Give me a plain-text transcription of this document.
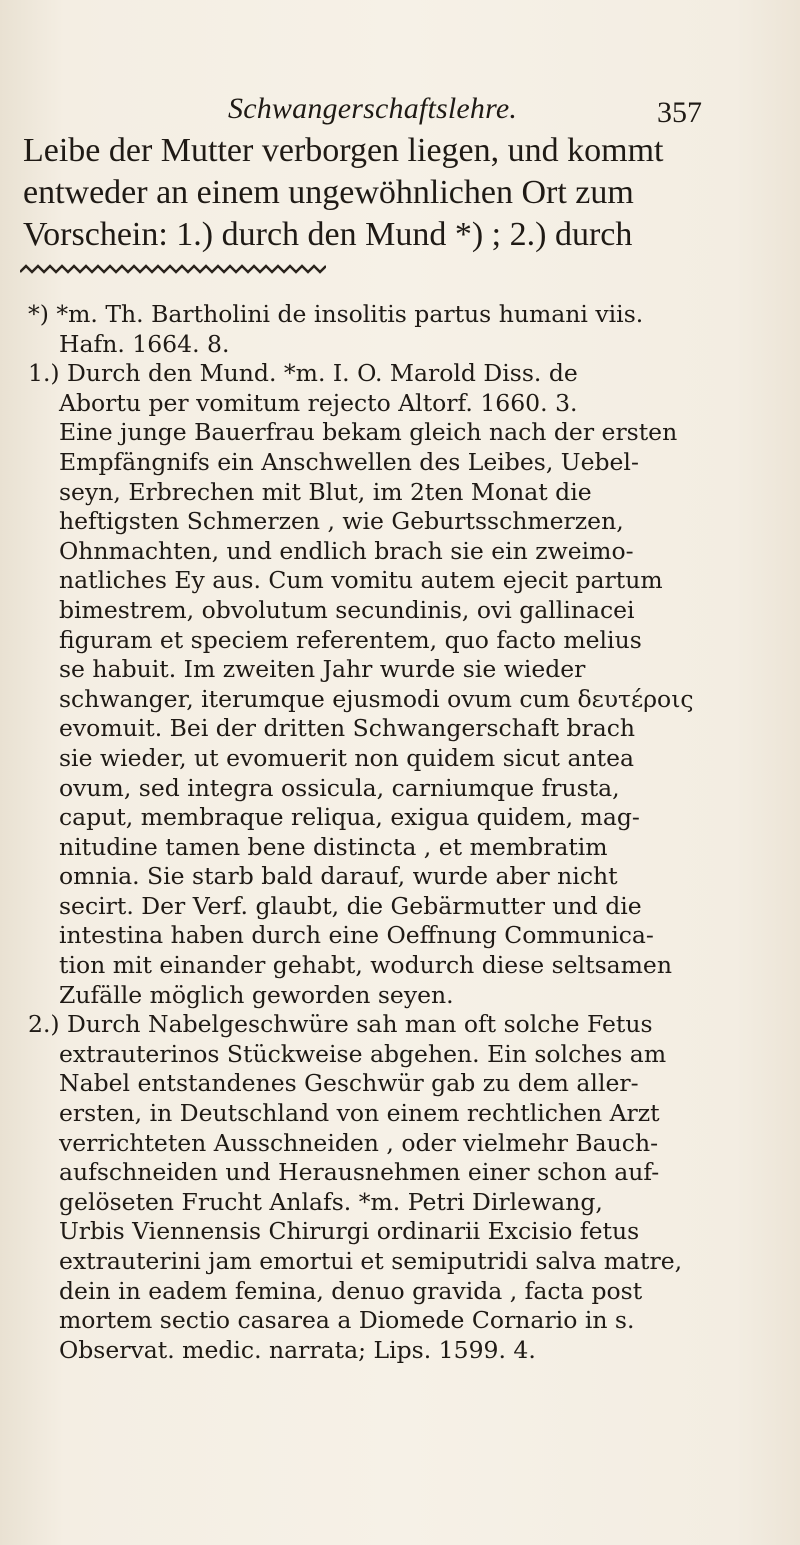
Schwangerschaftslehre.	357
Leibe der Mutter verborgen liegen, und kommt
entweder an einem ungewöhnlichen Ort zum
Vorschein: 1.) durch den Mund *) ; 2.) durch
*) *m. Th. Bartholini de insolitis partus humani viis.
Hafn. 1664. 8.
1.) Durch den Mund. *m. I. O. Marold Diss. de
Abortu per vomitum rejecto Altorf. 1660. 3.
Eine junge Bauerfrau bekam gleich nach der ersten
Empfängnifs ein Anschwellen des Leibes, Uebel-
seyn, Erbrechen mit Blut, im 2ten Monat die
heftigsten Schmerzen , wie Geburtsschmerzen,
Ohnmachten, und endlich brach sie ein zweimo-
natliches Ey aus. Cum vomitu autem ejecit partum
bimestrem, obvolutum secundinis, ovi gallinacei
figuram et speciem referentem, quo facto melius
se habuit. Im zweiten Jahr wurde sie wieder
schwanger, iterumque ejusmodi ovum cum δευτέροις
evomuit. Bei der dritten Schwangerschaft brach
sie wieder, ut evomuerit non quidem sicut antea
ovum, sed integra ossicula, carniumque frusta,
caput, membraque reliqua, exigua quidem, mag-
nitudine tamen bene distincta , et membratim
omnia. Sie starb bald darauf, wurde aber nicht
secirt. Der Verf. glaubt, die Gebärmutter und die
intestina haben durch eine Oeffnung Communica-
tion mit einander gehabt, wodurch diese seltsamen
Zufälle möglich geworden seyen.
2.) Durch Nabelgeschwüre sah man oft solche Fetus
extrauterinos Stückweise abgehen. Ein solches am
Nabel entstandenes Geschwür gab zu dem aller-
ersten, in Deutschland von einem rechtlichen Arzt
verrichteten Ausschneiden , oder vielmehr Bauch-
aufschneiden und Herausnehmen einer schon auf-
gelöseten Frucht Anlafs. *m. Petri Dirlewang,
Urbis Viennensis Chirurgi ordinarii Excisio fetus
extrauterini jam emortui et semiputridi salva matre,
dein in eadem femina, denuo gravida , facta post
mortem sectio casarea a Diomede Cornario in s.
Observat. medic. narrata; Lips. 1599. 4.
